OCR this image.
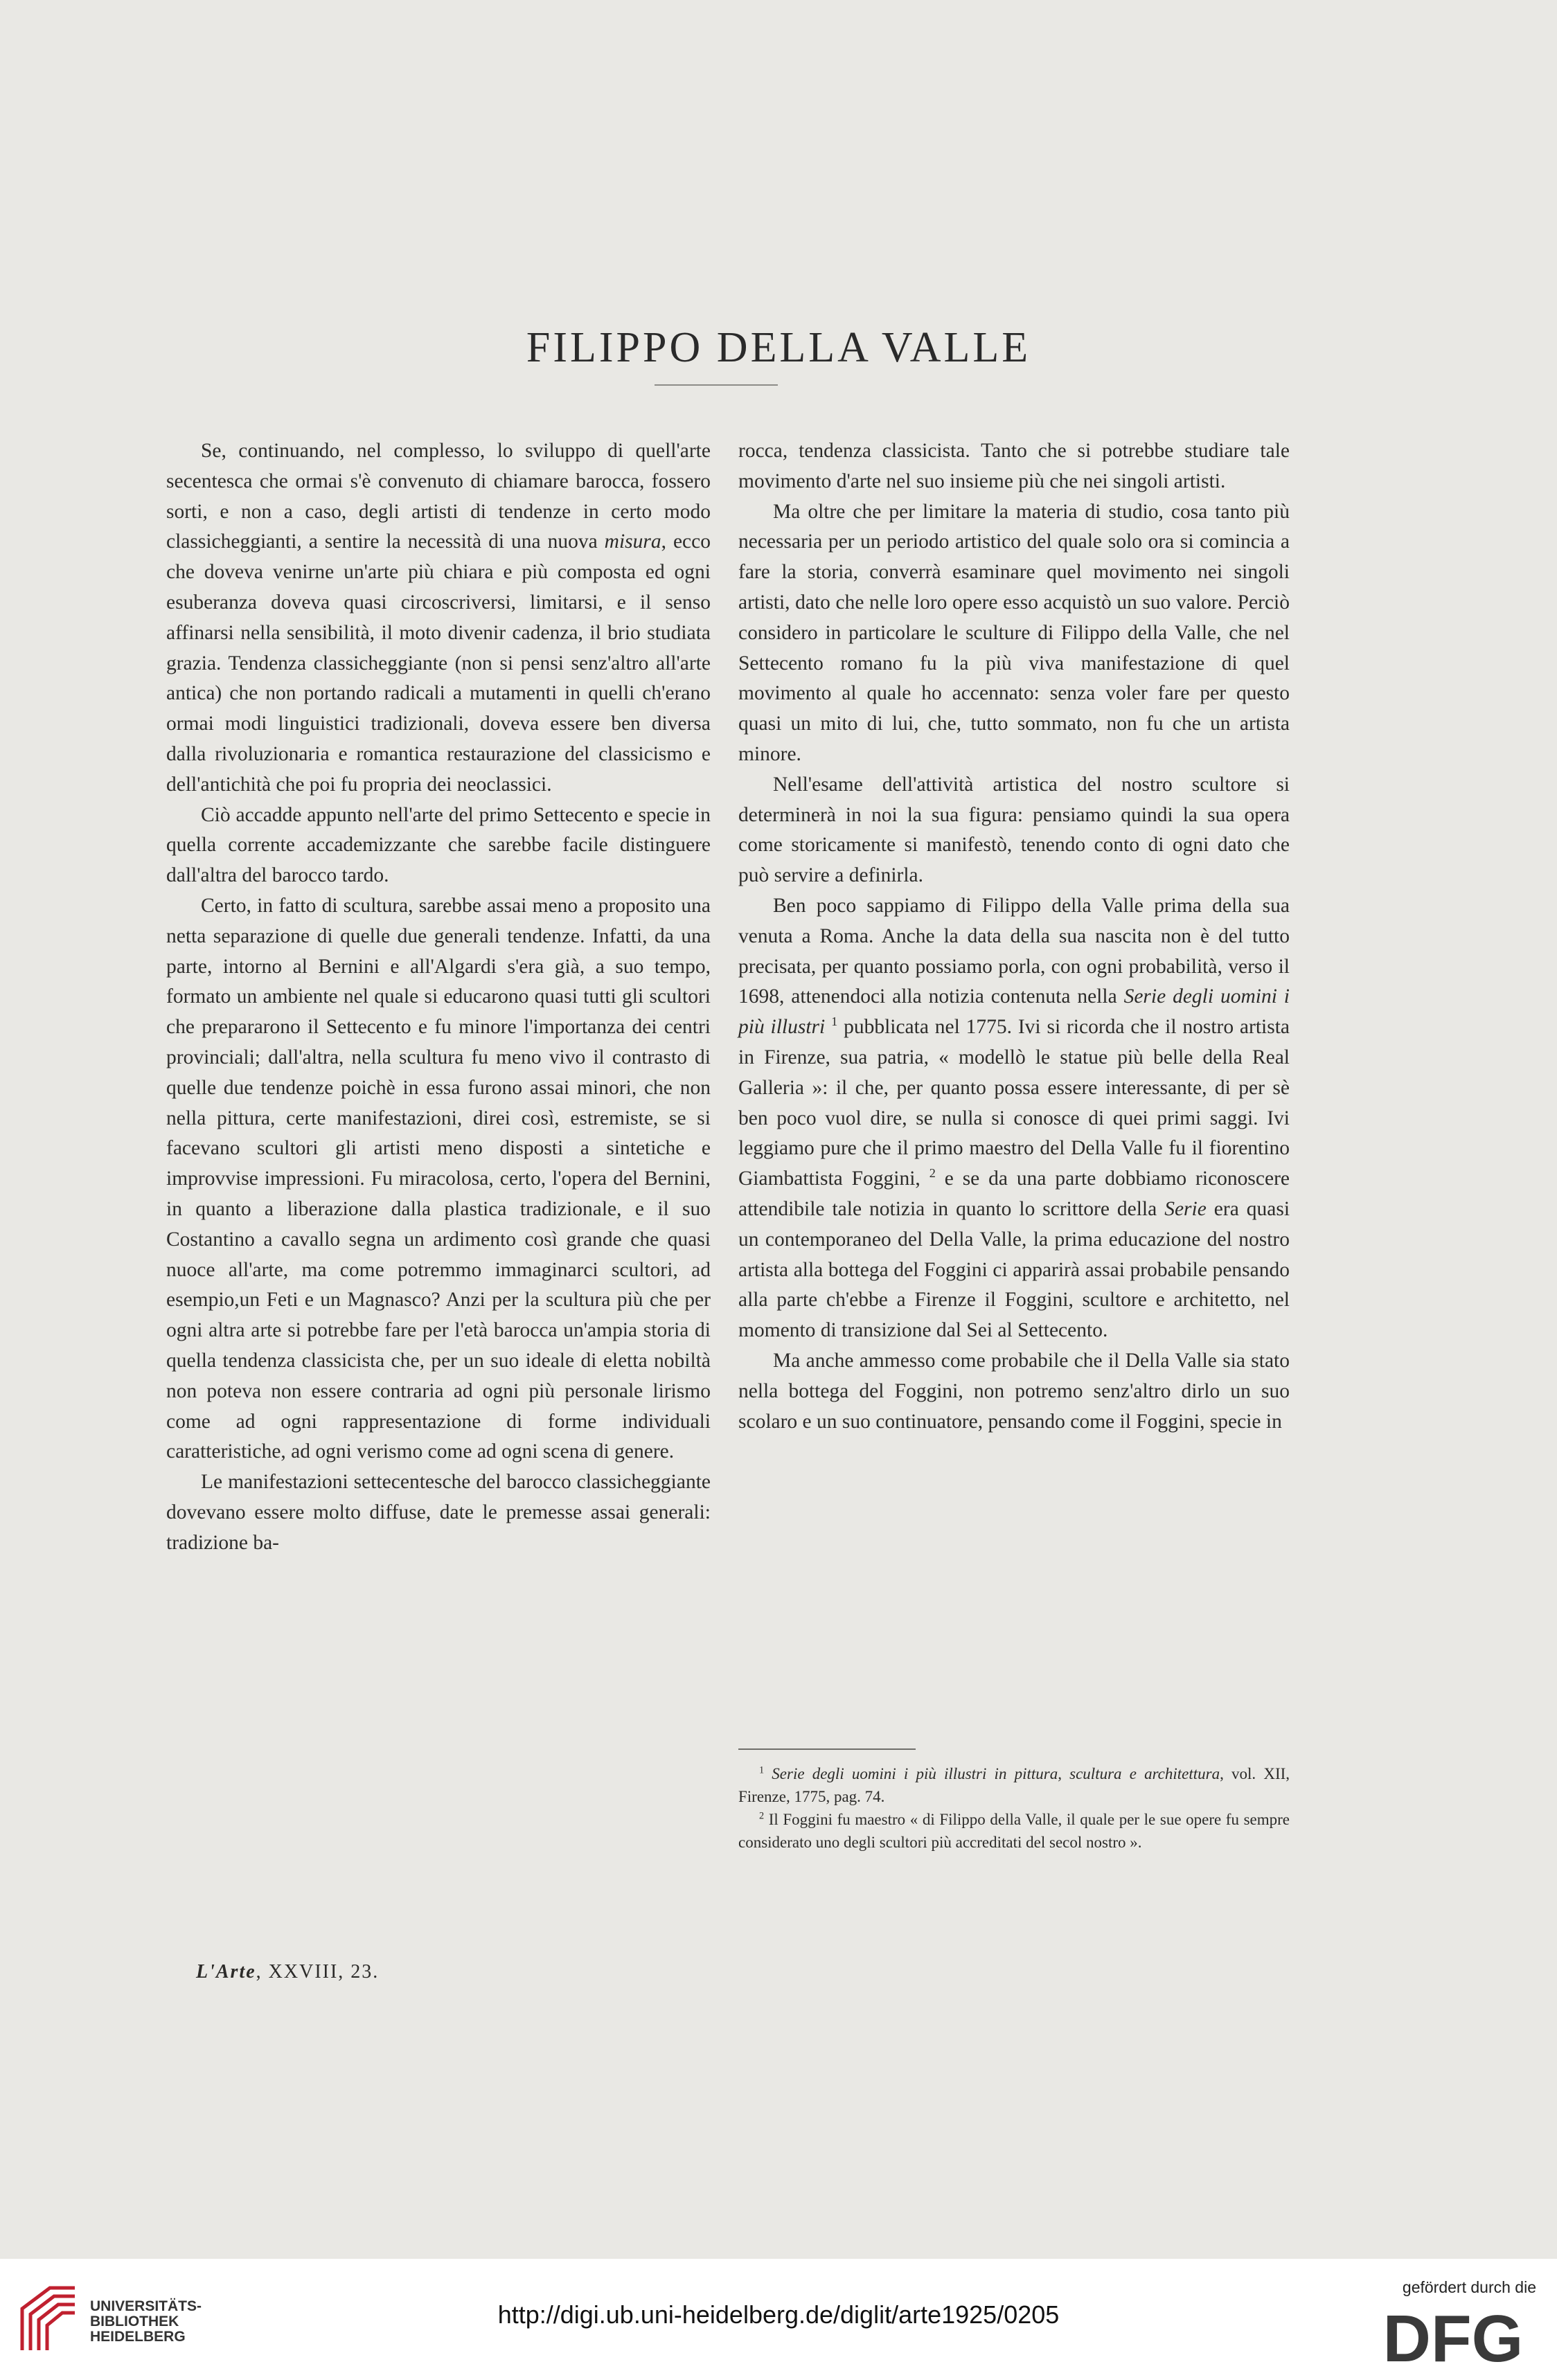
FILIPPO DELLA VALLE

Se, continuando, nel complesso, lo sviluppo di quell'arte secentesca che ormai s'è convenuto di chiamare barocca, fossero sorti, e non a caso, degli artisti di tendenze in certo modo classicheggianti, a sentire la necessità di una nuova misura, ecco che doveva venirne un'arte più chiara e più composta ed ogni esuberanza doveva quasi circoscriversi, limitarsi, e il senso affinarsi nella sensibilità, il moto divenir cadenza, il brio studiata grazia. Tendenza classicheggiante (non si pensi senz'altro all'arte antica) che non portando radicali a mutamenti in quelli ch'erano ormai modi linguistici tradizionali, doveva essere ben diversa dalla rivoluzionaria e romantica restaurazione del classicismo e dell'antichità che poi fu propria dei neoclassici.

Ciò accadde appunto nell'arte del primo Settecento e specie in quella corrente accademizzante che sarebbe facile distinguere dall'altra del barocco tardo.

Certo, in fatto di scultura, sarebbe assai meno a proposito una netta separazione di quelle due generali tendenze. Infatti, da una parte, intorno al Bernini e all'Algardi s'era già, a suo tempo, formato un ambiente nel quale si educarono quasi tutti gli scultori che prepararono il Settecento e fu minore l'importanza dei centri provinciali; dall'altra, nella scultura fu meno vivo il contrasto di quelle due tendenze poichè in essa furono assai minori, che non nella pittura, certe manifestazioni, direi così, estremiste, se si facevano scultori gli artisti meno disposti a sintetiche e improvvise impressioni. Fu miracolosa, certo, l'opera del Bernini, in quanto a liberazione dalla plastica tradizionale, e il suo Costantino a cavallo segna un ardimento così grande che quasi nuoce all'arte, ma come potremmo immaginarci scultori, ad esempio,un Feti e un Magnasco? Anzi per la scultura più che per ogni altra arte si potrebbe fare per l'età barocca un'ampia storia di quella tendenza classicista che, per un suo ideale di eletta nobiltà non poteva non essere contraria ad ogni più personale lirismo come ad ogni rappresentazione di forme individuali caratteristiche, ad ogni verismo come ad ogni scena di genere.

Le manifestazioni settecentesche del barocco classicheggiante dovevano essere molto diffuse, date le premesse assai generali: tradizione ba-

rocca, tendenza classicista. Tanto che si potrebbe studiare tale movimento d'arte nel suo insieme più che nei singoli artisti.

Ma oltre che per limitare la materia di studio, cosa tanto più necessaria per un periodo artistico del quale solo ora si comincia a fare la storia, converrà esaminare quel movimento nei singoli artisti, dato che nelle loro opere esso acquistò un suo valore. Perciò considero in particolare le sculture di Filippo della Valle, che nel Settecento romano fu la più viva manifestazione di quel movimento al quale ho accennato: senza voler fare per questo quasi un mito di lui, che, tutto sommato, non fu che un artista minore.

Nell'esame dell'attività artistica del nostro scultore si determinerà in noi la sua figura: pensiamo quindi la sua opera come storicamente si manifestò, tenendo conto di ogni dato che può servire a definirla.

Ben poco sappiamo di Filippo della Valle prima della sua venuta a Roma. Anche la data della sua nascita non è del tutto precisata, per quanto possiamo porla, con ogni probabilità, verso il 1698, attenendoci alla notizia contenuta nella Serie degli uomini i più illustri $^1$ pubblicata nel 1775. Ivi si ricorda che il nostro artista in Firenze, sua patria, « modellò le statue più belle della Real Galleria »: il che, per quanto possa essere interessante, di per sè ben poco vuol dire, se nulla si conosce di quei primi saggi. Ivi leggiamo pure che il primo maestro del Della Valle fu il fiorentino Giambattista Foggini, $^2$ e se da una parte dobbiamo riconoscere attendibile tale notizia in quanto lo scrittore della Serie era quasi un contemporaneo del Della Valle, la prima educazione del nostro artista alla bottega del Foggini ci apparirà assai probabile pensando alla parte ch'ebbe a Firenze il Foggini, scultore e architetto, nel momento di transizione dal Sei al Settecento.

Ma anche ammesso come probabile che il Della Valle sia stato nella bottega del Foggini, non potremo senz'altro dirlo un suo scolaro e un suo continuatore, pensando come il Foggini, specie in

$^1$ Serie degli uomini i più illustri in pittura, scultura e architettura, vol. XII, Firenze, 1775, pag. 74.

$^2$ Il Foggini fu maestro « di Filippo della Valle, il quale per le sue opere fu sempre considerato uno degli scultori più accreditati del secol nostro ».

L'Arte, XXVIII, 23.
UNIVERSITÄTS-
BIBLIOTHEK
HEIDELBERG
http://digi.ub.uni-heidelberg.de/diglit/arte1925/0205
gefördert durch die
DFG
